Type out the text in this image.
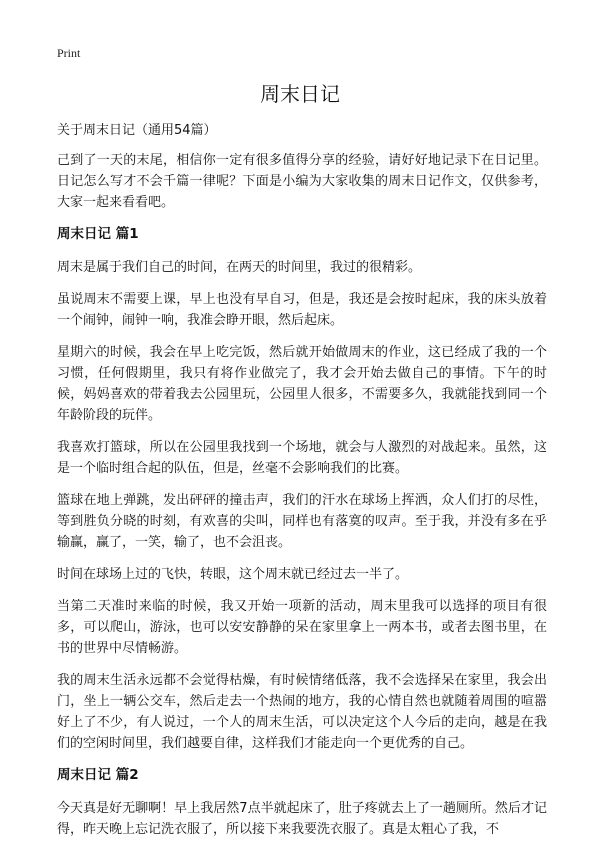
Print
周末日记

关于周末日记（通用54篇）

己到了一天的末尾，相信你一定有很多值得分享的经验，请好好地记录下在日记里。日记怎么写才不会千篇一律呢？下面是小编为大家收集的周末日记作文，仅供参考，大家一起来看看吧。

周末日记 篇1

周末是属于我们自己的时间，在两天的时间里，我过的很精彩。

虽说周末不需要上课，早上也没有早自习，但是，我还是会按时起床，我的床头放着一个闹钟，闹钟一响，我准会睁开眼，然后起床。

星期六的时候，我会在早上吃完饭，然后就开始做周末的作业，这已经成了我的一个习惯，任何假期里，我只有将作业做完了，我才会开始去做自己的事情。下午的时候，妈妈喜欢的带着我去公园里玩，公园里人很多，不需要多久，我就能找到同一个年龄阶段的玩伴。

我喜欢打篮球，所以在公园里我找到一个场地，就会与人激烈的对战起来。虽然，这是一个临时组合起的队伍，但是，丝毫不会影响我们的比赛。

篮球在地上弹跳，发出砰砰的撞击声，我们的汗水在球场上挥洒，众人们打的尽性，等到胜负分晓的时刻，有欢喜的尖叫，同样也有落寞的叹声。至于我，并没有多在乎输赢，赢了，一笑，输了，也不会沮丧。

时间在球场上过的飞快，转眼，这个周末就已经过去一半了。

当第二天准时来临的时候，我又开始一项新的活动，周末里我可以选择的项目有很多，可以爬山，游泳，也可以安安静静的呆在家里拿上一两本书，或者去图书里，在书的世界中尽情畅游。

我的周末生活永远都不会觉得枯燥，有时候情绪低落，我不会选择呆在家里，我会出门，坐上一辆公交车，然后走去一个热闹的地方，我的心情自然也就随着周围的喧嚣好上了不少，有人说过，一个人的周末生活，可以决定这个人今后的走向，越是在我们的空闲时间里，我们越要自律，这样我们才能走向一个更优秀的自己。

周末日记 篇2

今天真是好无聊啊！早上我居然7点半就起床了，肚子疼就去上了一趟厕所。然后才记得，昨天晚上忘记洗衣服了，所以接下来我要洗衣服了。真是太粗心了我，不
